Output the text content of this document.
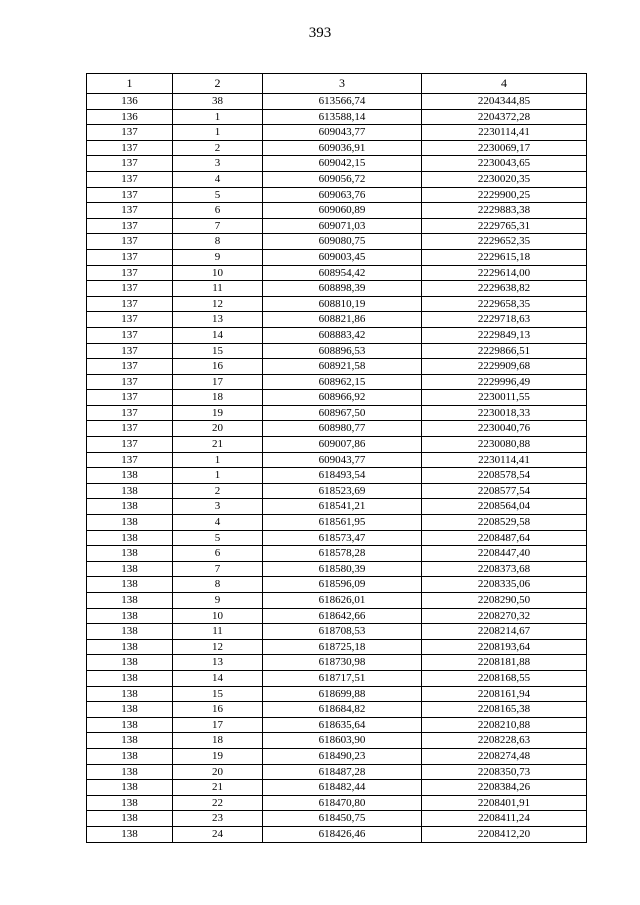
393
1	2	3	4
136	38	613566,74	2204344,85
136	1	613588,14	2204372,28
137	1	609043,77	2230114,41
137	2	609036,91	2230069,17
137	3	609042,15	2230043,65
137	4	609056,72	2230020,35
137	5	609063,76	2229900,25
137	6	609060,89	2229883,38
137	7	609071,03	2229765,31
137	8	609080,75	2229652,35
137	9	609003,45	2229615,18
137	10	608954,42	2229614,00
137	11	608898,39	2229638,82
137	12	608810,19	2229658,35
137	13	608821,86	2229718,63
137	14	608883,42	2229849,13
137	15	608896,53	2229866,51
137	16	608921,58	2229909,68
137	17	608962,15	2229996,49
137	18	608966,92	2230011,55
137	19	608967,50	2230018,33
137	20	608980,77	2230040,76
137	21	609007,86	2230080,88
137	1	609043,77	2230114,41
138	1	618493,54	2208578,54
138	2	618523,69	2208577,54
138	3	618541,21	2208564,04
138	4	618561,95	2208529,58
138	5	618573,47	2208487,64
138	6	618578,28	2208447,40
138	7	618580,39	2208373,68
138	8	618596,09	2208335,06
138	9	618626,01	2208290,50
138	10	618642,66	2208270,32
138	11	618708,53	2208214,67
138	12	618725,18	2208193,64
138	13	618730,98	2208181,88
138	14	618717,51	2208168,55
138	15	618699,88	2208161,94
138	16	618684,82	2208165,38
138	17	618635,64	2208210,88
138	18	618603,90	2208228,63
138	19	618490,23	2208274,48
138	20	618487,28	2208350,73
138	21	618482,44	2208384,26
138	22	618470,80	2208401,91
138	23	618450,75	2208411,24
138	24	618426,46	2208412,20
